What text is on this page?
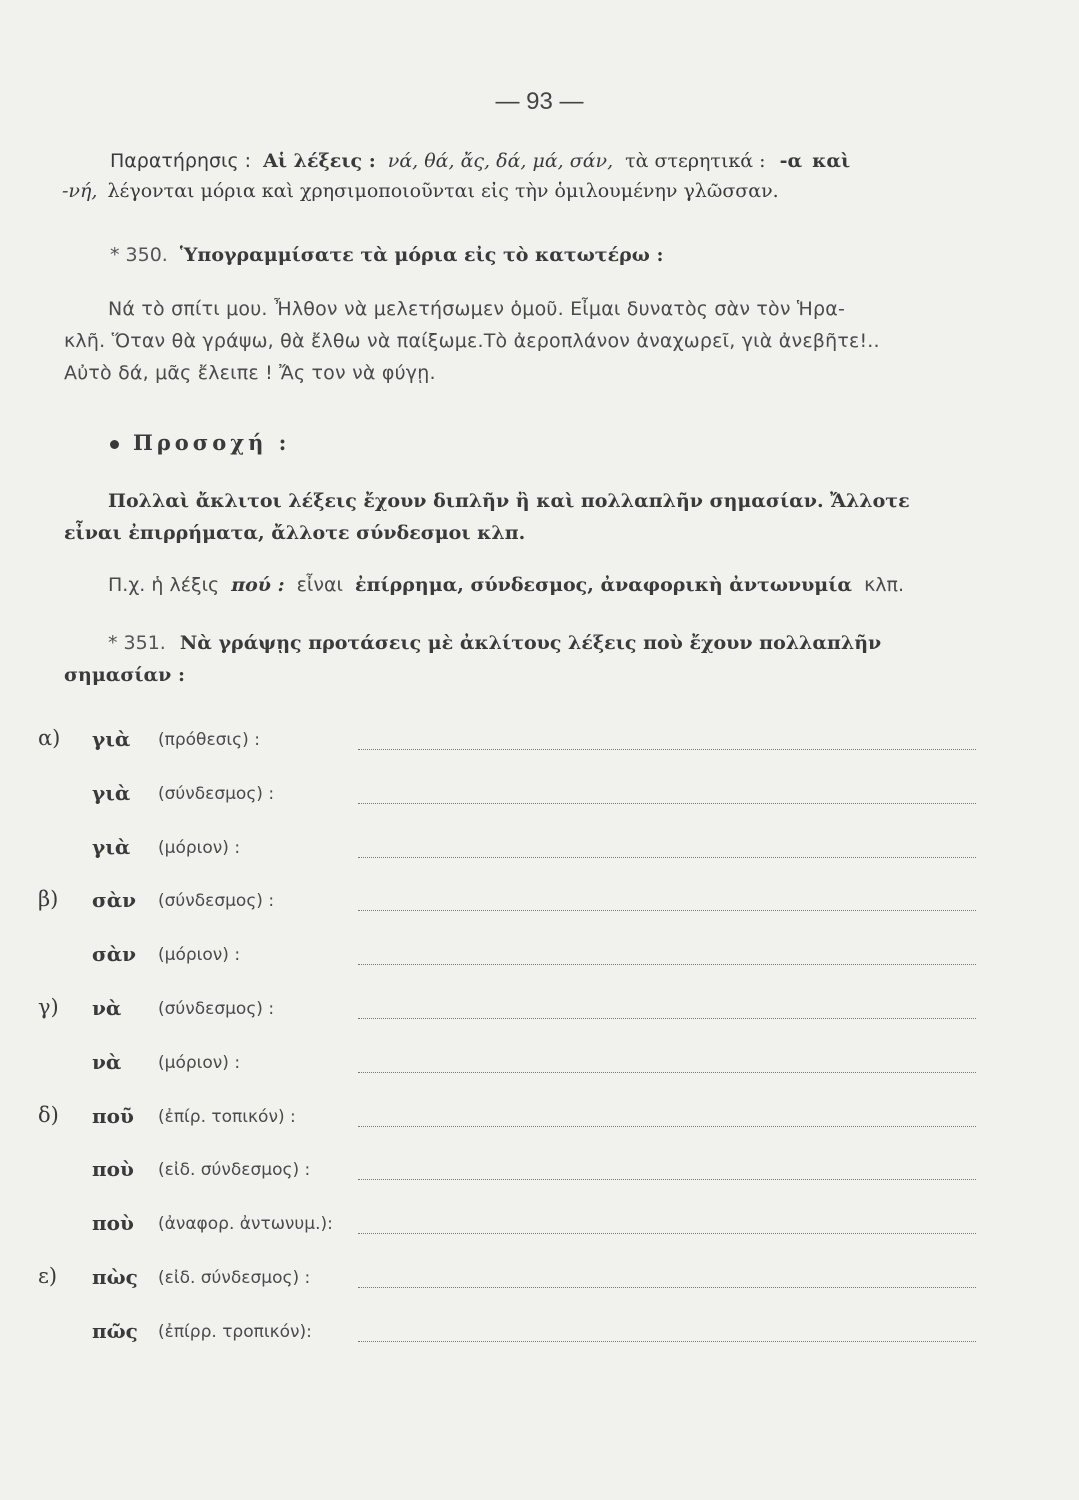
— 93 —
Παρατήρησις : Αἱ λέξεις : νά, θά, ἄς, δά, μά, σάν, τὰ στερητικά : -α καὶ
-νή, λέγονται μόρια καὶ χρησιμοποιοῦνται εἰς τὴν ὁμιλουμένην γλῶσσαν.
* 350. Ὑπογραμμίσατε τὰ μόρια εἰς τὸ κατωτέρω :
Νά τὸ σπίτι μου. Ἦλθον νὰ μελετήσωμεν ὁμοῦ. Εἶμαι δυνατὸς σὰν τὸν Ἡρα-
κλῆ. Ὅταν θὰ γράψω, θὰ ἔλθω νὰ παίξωμε.Τὸ ἀεροπλάνον ἀναχωρεῖ, γιὰ ἀνεβῆτε!..
Αὐτὸ δά, μᾶς ἔλειπε ! Ἄς τον νὰ φύγῃ.
Προσοχή :
Πολλαὶ ἄκλιτοι λέξεις ἔχουν διπλῆν ἢ καὶ πολλαπλῆν σημασίαν. Ἄλλοτε
εἶναι ἐπιρρήματα, ἄλλοτε σύνδεσμοι κλπ.
Π.χ. ἡ λέξις πού : εἶναι ἐπίρρημα, σύνδεσμος, ἀναφορικὴ ἀντωνυμία κλπ.
* 351. Νὰ γράψῃς προτάσεις μὲ ἀκλίτους λέξεις ποὺ ἔχουν πολλαπλῆν
σημασίαν :
α) γιὰ (πρόθεσις) :
γιὰ (σύνδεσμος) :
γιὰ (μόριον) :
β) σὰν (σύνδεσμος) :
σὰν (μόριον) :
γ) νὰ (σύνδεσμος) :
νὰ (μόριον) :
δ) ποῦ (ἐπίρ. τοπικόν) :
ποὺ (εἰδ. σύνδεσμος) :
ποὺ (ἀναφορ. ἀντωνυμ.):
ε) πὼς (εἰδ. σύνδεσμος) :
πῶς (ἐπίρρ. τροπικόν):
